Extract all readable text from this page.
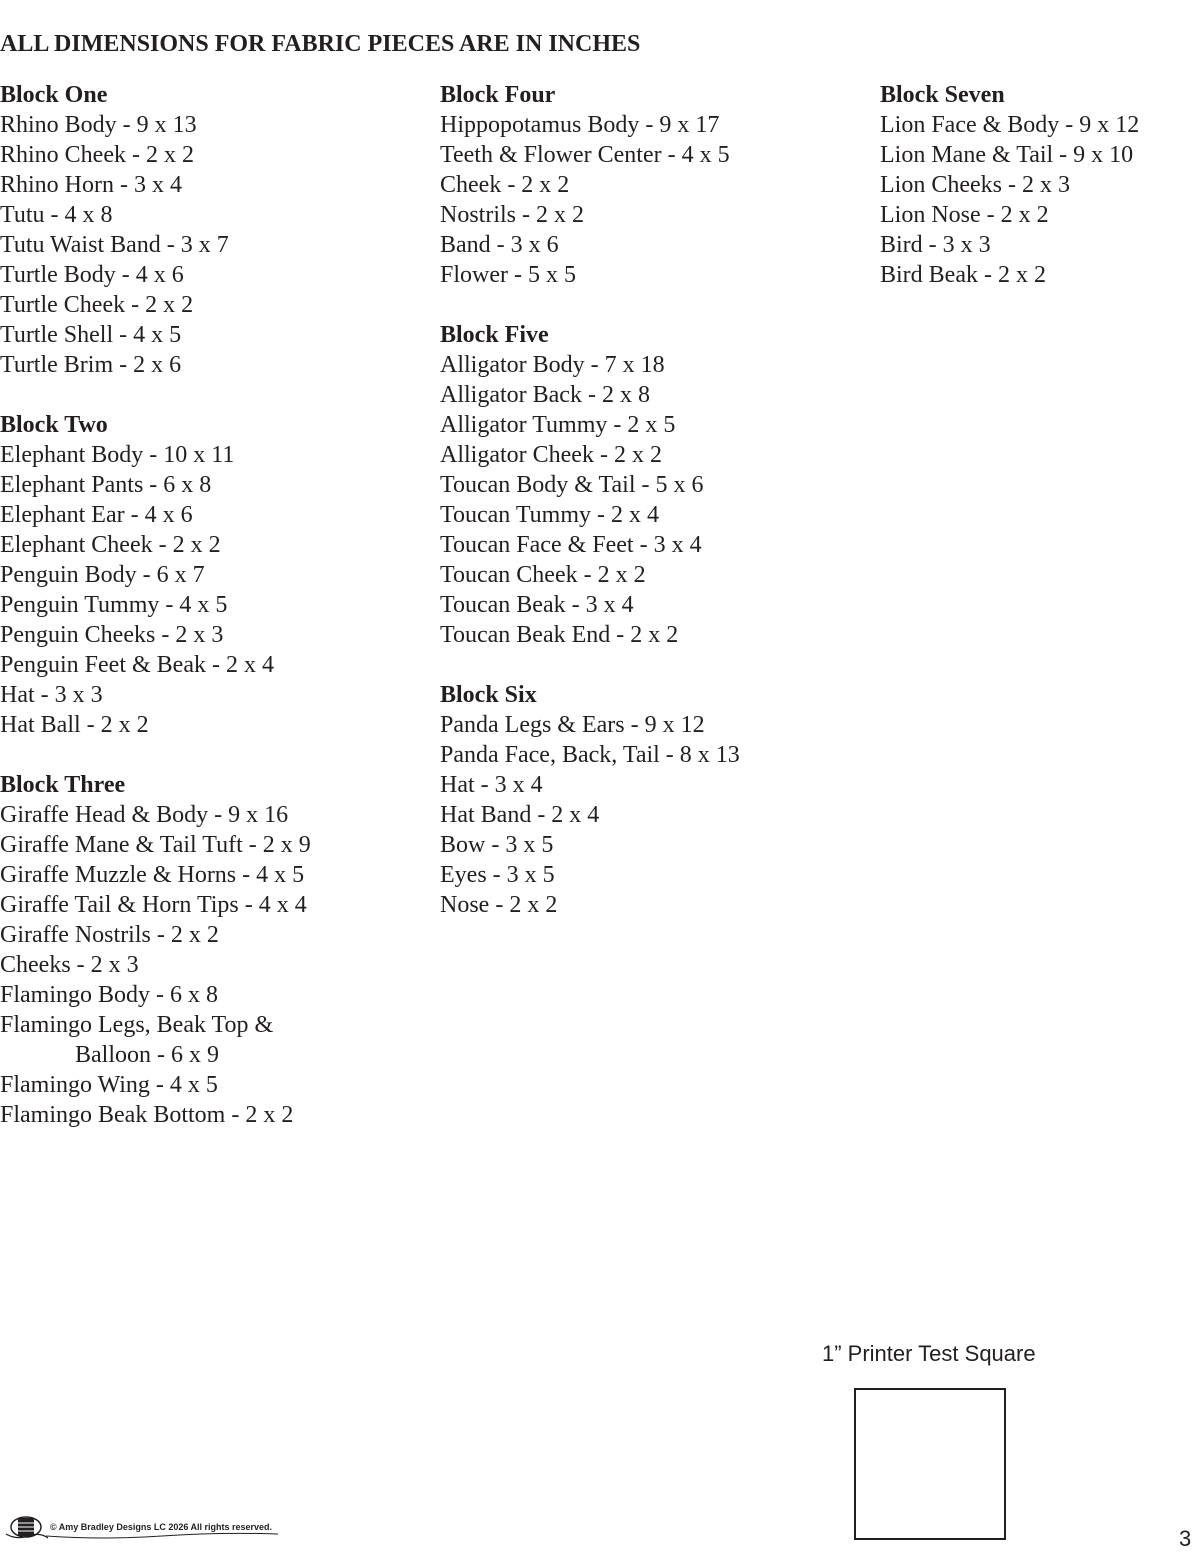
ALL DIMENSIONS FOR FABRIC PIECES ARE IN INCHES
Block One
Rhino Body - 9 x 13
Rhino Cheek - 2 x 2
Rhino Horn - 3 x 4
Tutu - 4 x 8
Tutu Waist Band - 3 x 7
Turtle Body - 4 x 6
Turtle Cheek - 2 x 2
Turtle Shell - 4 x 5
Turtle Brim - 2 x 6
Block Two
Elephant Body - 10 x 11
Elephant Pants - 6 x 8
Elephant Ear - 4 x 6
Elephant Cheek - 2 x 2
Penguin Body - 6 x 7
Penguin Tummy - 4 x 5
Penguin Cheeks - 2 x 3
Penguin Feet & Beak - 2 x 4
Hat - 3 x 3
Hat Ball - 2 x 2
Block Three
Giraffe Head & Body - 9 x 16
Giraffe Mane & Tail Tuft - 2 x 9
Giraffe Muzzle & Horns - 4 x 5
Giraffe Tail & Horn Tips - 4 x 4
Giraffe Nostrils - 2 x 2
Cheeks - 2 x 3
Flamingo Body - 6 x 8
Flamingo Legs, Beak Top &
Balloon - 6 x 9
Flamingo Wing - 4 x 5
Flamingo Beak Bottom - 2 x 2
Block Four
Hippopotamus Body - 9 x 17
Teeth & Flower Center - 4 x 5
Cheek - 2 x 2
Nostrils - 2 x 2
Band - 3 x 6
Flower - 5 x 5
Block Five
Alligator Body - 7 x 18
Alligator Back - 2 x 8
Alligator Tummy - 2 x 5
Alligator Cheek - 2 x 2
Toucan Body & Tail - 5 x 6
Toucan Tummy - 2 x 4
Toucan Face & Feet - 3 x 4
Toucan Cheek - 2 x 2
Toucan Beak - 3 x 4
Toucan Beak End - 2 x 2
Block Six
Panda Legs & Ears - 9 x 12
Panda Face, Back, Tail - 8 x 13
Hat - 3 x 4
Hat Band - 2 x 4
Bow - 3 x 5
Eyes - 3 x 5
Nose - 2 x 2
Block Seven
Lion Face & Body - 9 x 12
Lion Mane & Tail - 9 x 10
Lion Cheeks - 2 x 3
Lion Nose - 2 x 2
Bird - 3 x 3
Bird Beak - 2 x 2
1” Printer Test Square
© Amy Bradley Designs LC 2026 All rights reserved.	3
